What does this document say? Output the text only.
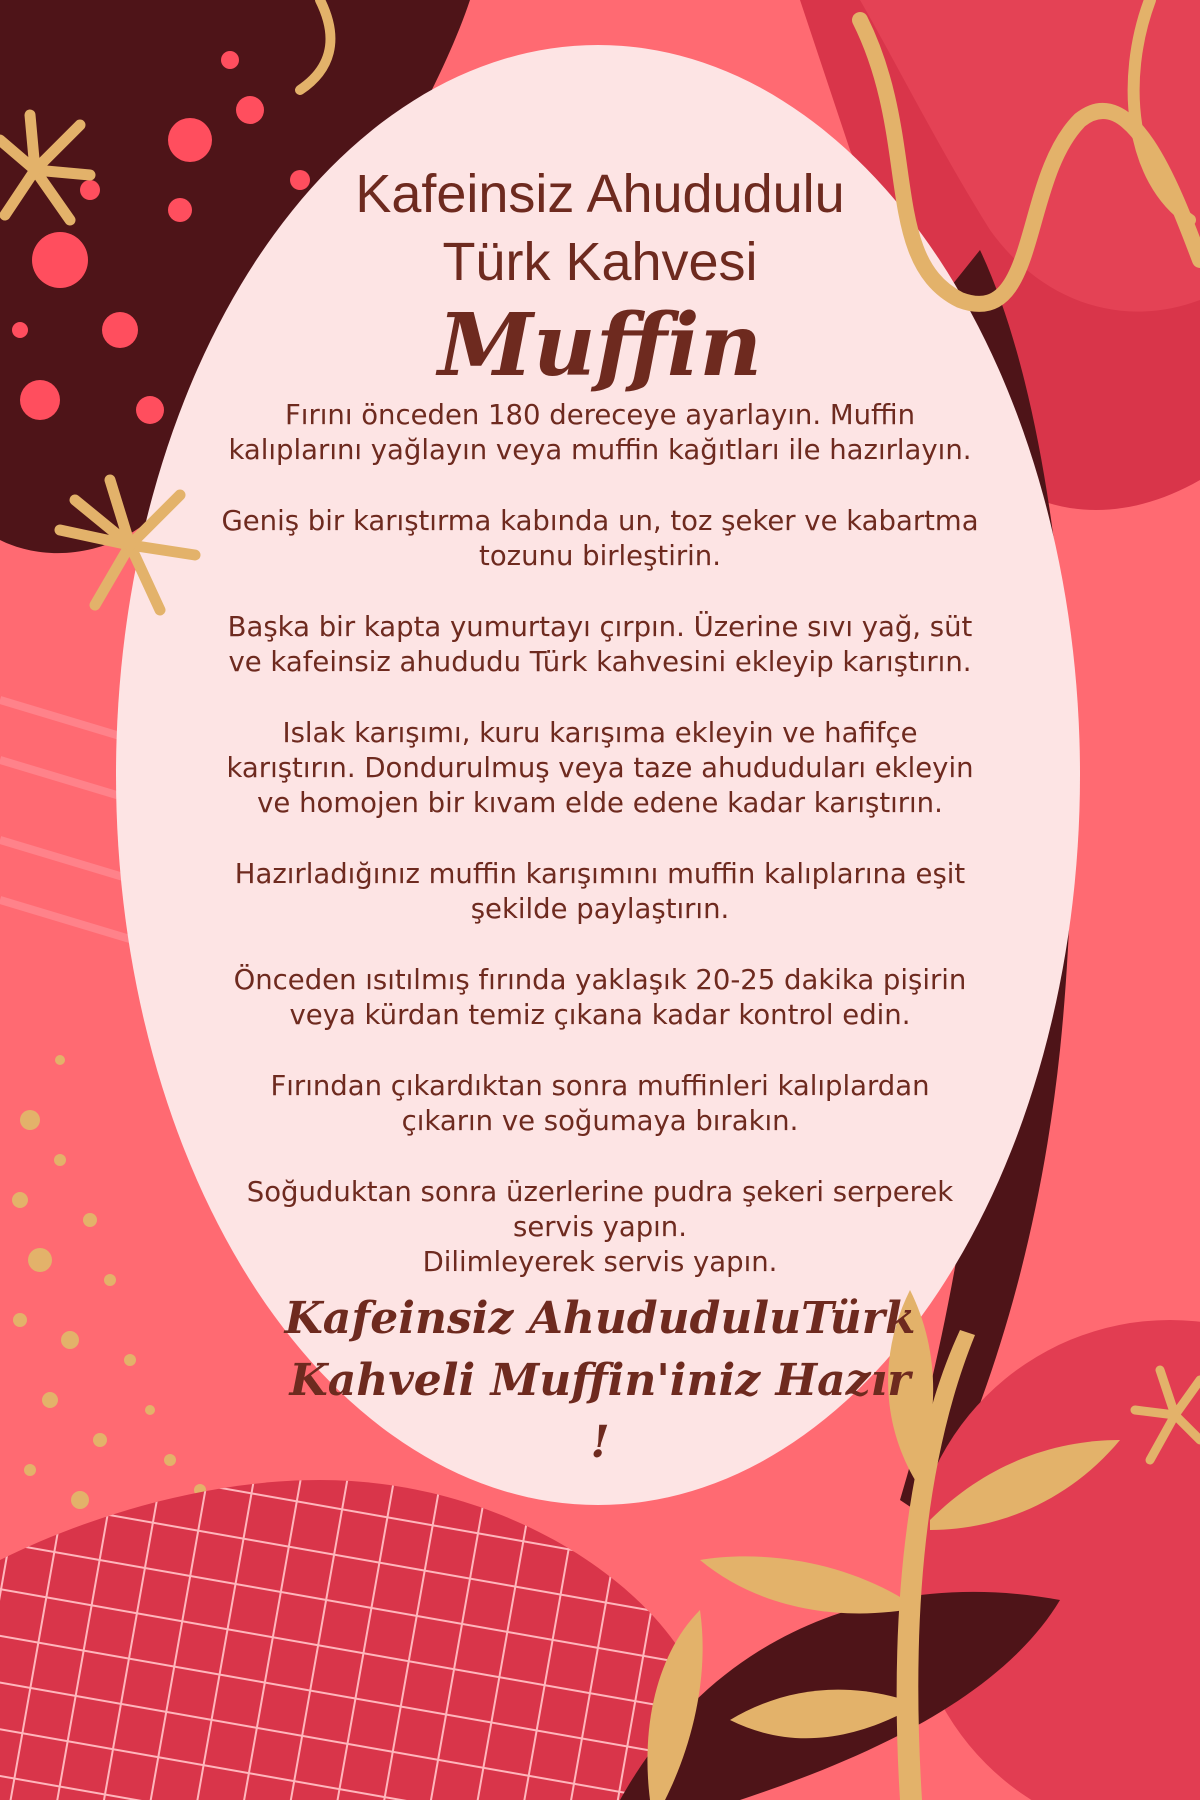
Kafeinsiz Ahududulu
Türk Kahvesi
Muffin
Fırını önceden 180 dereceye ayarlayın. Muffin
kalıplarını yağlayın veya muffin kağıtları ile hazırlayın.
Geniş bir karıştırma kabında un, toz şeker ve kabartma
tozunu birleştirin.
Başka bir kapta yumurtayı çırpın. Üzerine sıvı yağ, süt
ve kafeinsiz ahududu Türk kahvesini ekleyip karıştırın.
Islak karışımı, kuru karışıma ekleyin ve hafifçe
karıştırın. Dondurulmuş veya taze ahududuları ekleyin
ve homojen bir kıvam elde edene kadar karıştırın.
Hazırladığınız muffin karışımını muffin kalıplarına eşit
şekilde paylaştırın.
Önceden ısıtılmış fırında yaklaşık 20-25 dakika pişirin
veya kürdan temiz çıkana kadar kontrol edin.
Fırından çıkardıktan sonra muffinleri kalıplardan
çıkarın ve soğumaya bırakın.
Soğuduktan sonra üzerlerine pudra şekeri serperek
servis yapın.
Dilimleyerek servis yapın.

Kafeinsiz AhududuluTürk
Kahveli Muffin'iniz Hazır
!
